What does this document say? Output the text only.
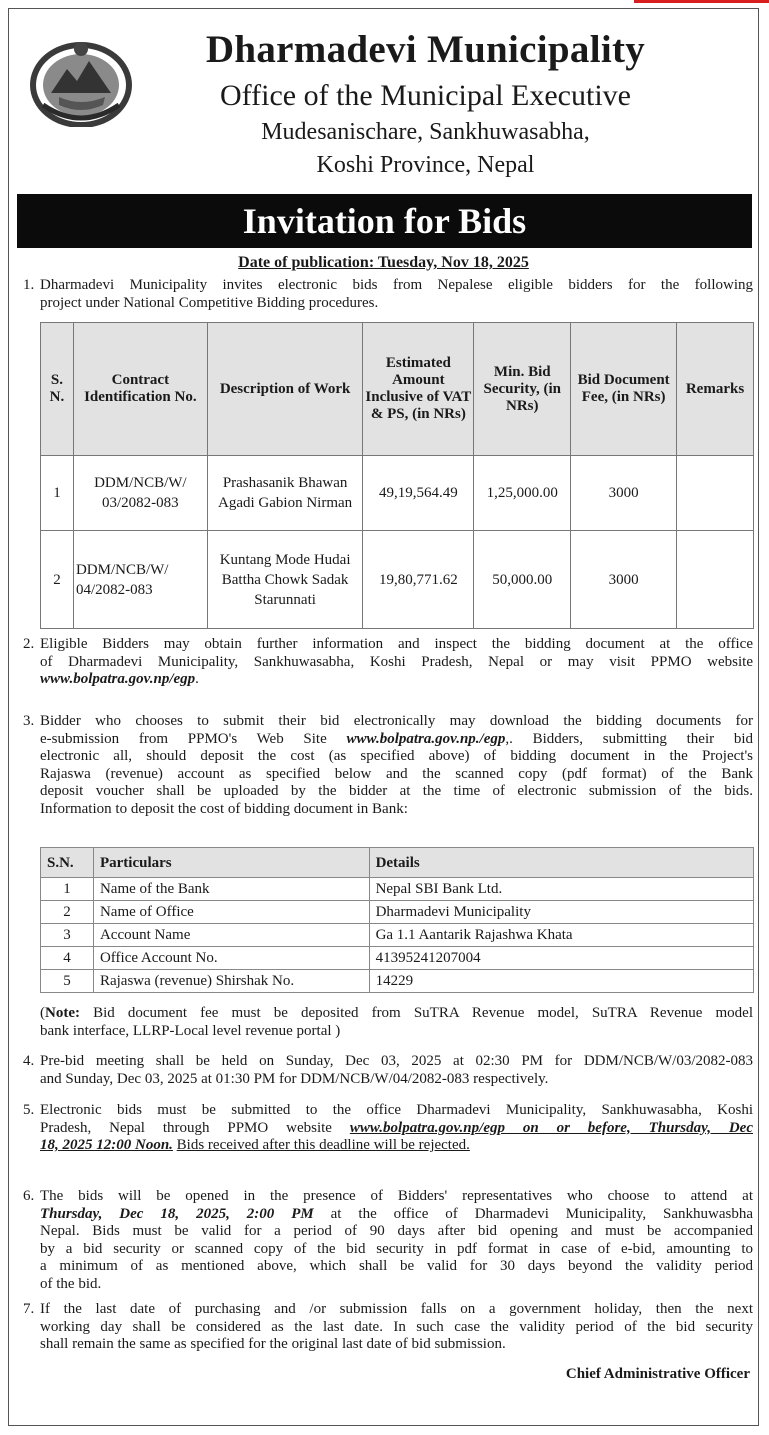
Dharmadevi Municipality
Office of the Municipal Executive
Mudesanischare, Sankhuwasabha,
Koshi Province, Nepal
Invitation for Bids
Date of publication: Tuesday, Nov 18, 2025
1. Dharmadevi Municipality invites electronic bids from Nepalese eligible bidders for the following
project under National Competitive Bidding procedures.
S. N.	Contract Identification No.	Description of Work	Estimated Amount Inclusive of VAT & PS, (in NRs)	Min. Bid Security, (in NRs)	Bid Document Fee, (in NRs)	Remarks
1	DDM/NCB/W/ 03/2082-083	Prashasanik Bhawan Agadi Gabion Nirman	49,19,564.49	1,25,000.00	3000	
2	DDM/NCB/W/ 04/2082-083	Kuntang Mode Hudai Battha Chowk Sadak Starunnati	19,80,771.62	50,000.00	3000	
2. Eligible Bidders may obtain further information and inspect the bidding document at the office
of Dharmadevi Municipality, Sankhuwasabha, Koshi Pradesh, Nepal or may visit PPMO website
www.bolpatra.gov.np/egp.
3. Bidder who chooses to submit their bid electronically may download the bidding documents for
e-submission from PPMO's Web Site www.bolpatra.gov.np./egp,. Bidders, submitting their bid
electronic all, should deposit the cost (as specified above) of bidding document in the Project's
Rajaswa (revenue) account as specified below and the scanned copy (pdf format) of the Bank
deposit voucher shall be uploaded by the bidder at the time of electronic submission of the bids.
Information to deposit the cost of bidding document in Bank:
S.N.	Particulars	Details
1	Name of the Bank	Nepal SBI Bank Ltd.
2	Name of Office	Dharmadevi Municipality
3	Account Name	Ga 1.1 Aantarik Rajashwa Khata
4	Office Account No.	41395241207004
5	Rajaswa (revenue) Shirshak No.	14229
(Note: Bid document fee must be deposited from SuTRA Revenue model, SuTRA Revenue model
bank interface, LLRP-Local level revenue portal )
4. Pre-bid meeting shall be held on Sunday, Dec 03, 2025 at 02:30 PM for DDM/NCB/W/03/2082-083
and Sunday, Dec 03, 2025 at 01:30 PM for DDM/NCB/W/04/2082-083 respectively.
5. Electronic bids must be submitted to the office Dharmadevi Municipality, Sankhuwasabha, Koshi
Pradesh, Nepal through PPMO website www.bolpatra.gov.np/egp on or before, Thursday, Dec
18, 2025 12:00 Noon. Bids received after this deadline will be rejected.
6. The bids will be opened in the presence of Bidders' representatives who choose to attend at
Thursday, Dec 18, 2025, 2:00 PM at the office of Dharmadevi Municipality, Sankhuwasbha
Nepal. Bids must be valid for a period of 90 days after bid opening and must be accompanied
by a bid security or scanned copy of the bid security in pdf format in case of e-bid, amounting to
a minimum of as mentioned above, which shall be valid for 30 days beyond the validity period
of the bid.
7. If the last date of purchasing and /or submission falls on a government holiday, then the next
working day shall be considered as the last date. In such case the validity period of the bid security
shall remain the same as specified for the original last date of bid submission.
Chief Administrative Officer
